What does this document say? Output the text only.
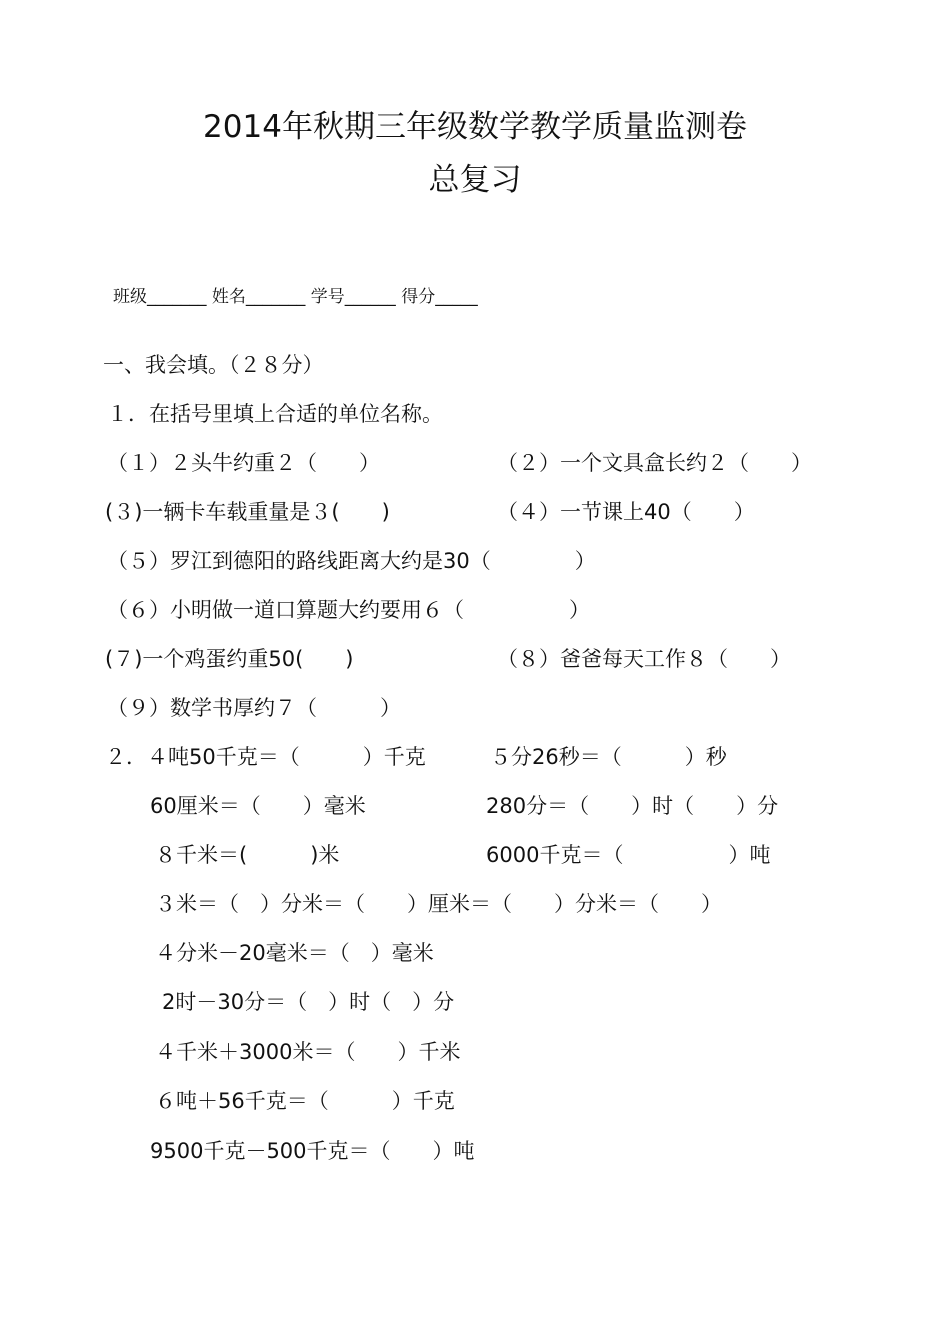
2014年秋期三年级数学教学质量监测卷
总复习
班级_______ 姓名_______ 学号______ 得分_____
一、我会填。（２８分）
１．在括号里填上合适的单位名称。
（１）２头牛约重２（　　）	（２）一个文具盒长约２（　　）
(３)一辆卡车载重量是３(　　)	（４）一节课上40（　　）
（５）罗江到德阳的路线距离大约是30（　　　　）
（６）小明做一道口算题大约要用６（　　　　　）
(７)一个鸡蛋约重50(　　)	（８）爸爸每天工作８（　　）
（９）数学书厚约７（　　　）
２．４吨50千克＝（　　　）千克	５分26秒＝（　　　）秒
60厘米＝（　　）毫米	280分＝（　　）时（　　）分
８千米＝(　　　)米	6000千克＝（　　　　　）吨
３米＝（　）分米＝（　　）厘米＝（　　）分米＝（　　）
４分米－20毫米＝（　）毫米
2时－30分＝（　）时（　）分
４千米＋3000米＝（　　）千米
６吨＋56千克＝（　　　）千克
9500千克－500千克＝（　　）吨
